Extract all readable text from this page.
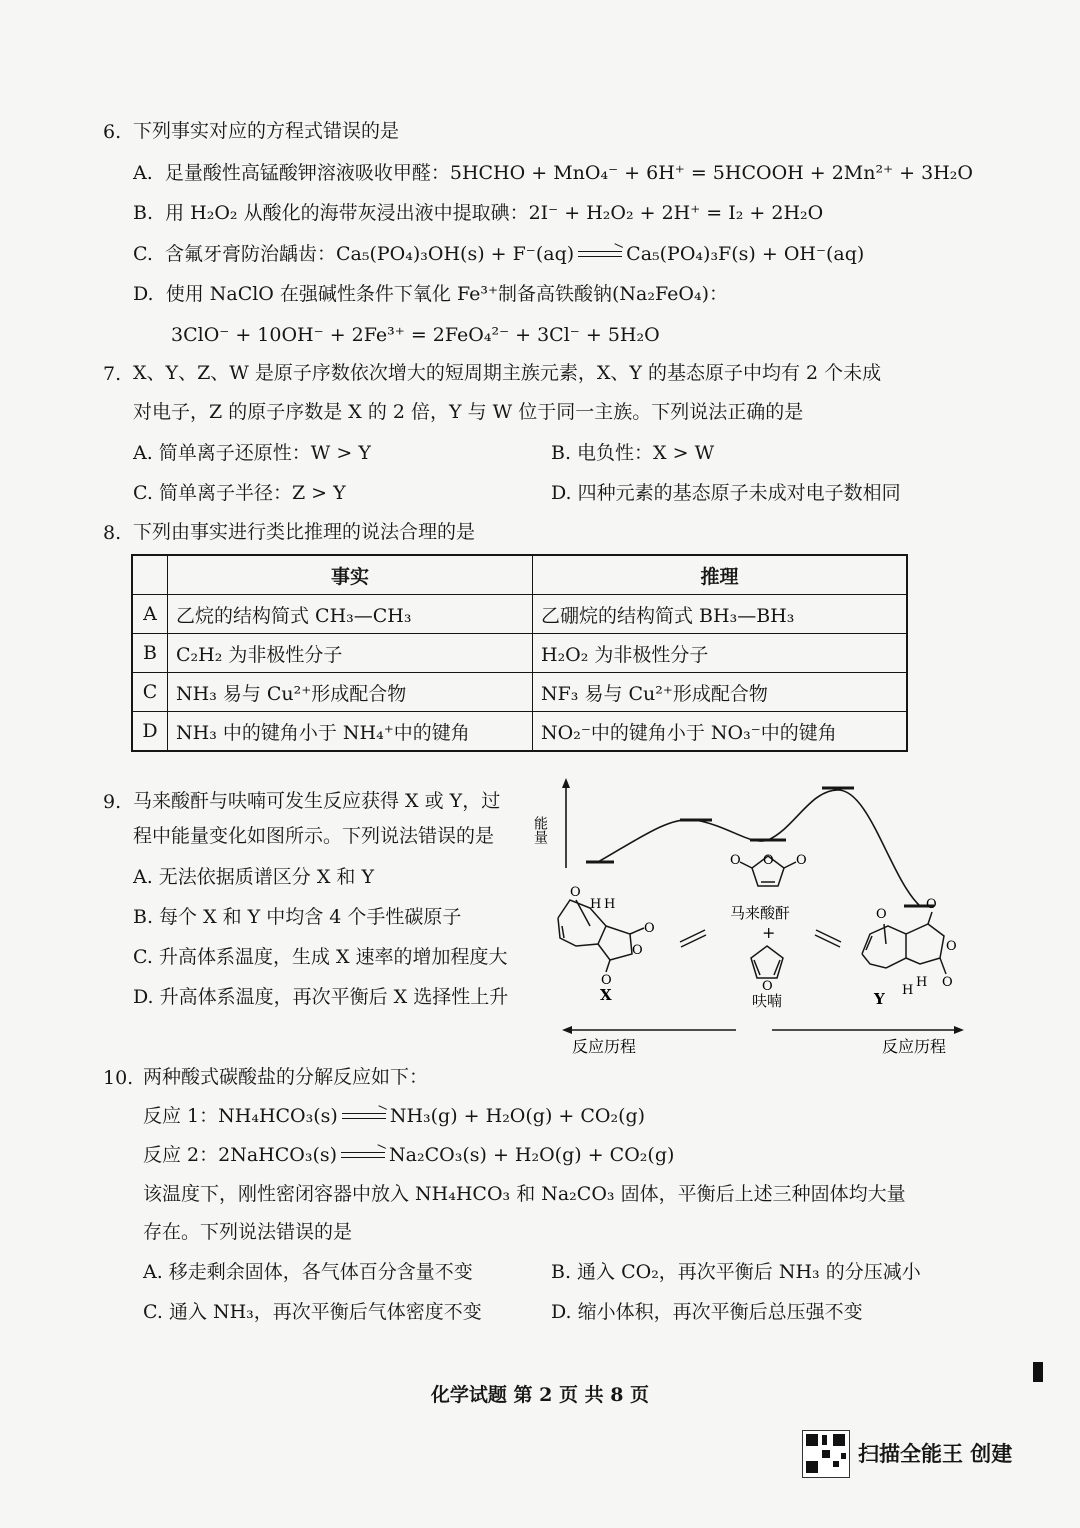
6. 下列事实对应的方程式错误的是
A. 足量酸性高锰酸钾溶液吸收甲醛：5HCHO + MnO₄⁻ + 6H⁺ = 5HCOOH + 2Mn²⁺ + 3H₂O
B. 用 H₂O₂ 从酸化的海带灰浸出液中提取碘：2I⁻ + H₂O₂ + 2H⁺ = I₂ + 2H₂O
C. 含氟牙膏防治龋齿：Ca₅(PO₄)₃OH(s) + F⁻(aq) → Ca₅(PO₄)₃F(s) + OH⁻(aq)
D. 使用 NaClO 在强碱性条件下氧化 Fe³⁺制备高铁酸钠(Na₂FeO₄)：
3ClO⁻ + 10OH⁻ + 2Fe³⁺ = 2FeO₄²⁻ + 3Cl⁻ + 5H₂O
7. X、Y、Z、W 是原子序数依次增大的短周期主族元素，X、Y 的基态原子中均有 2 个未成
对电子，Z 的原子序数是 X 的 2 倍，Y 与 W 位于同一主族。下列说法正确的是
A. 简单离子还原性：W > Y	B. 电负性：X > W
C. 简单离子半径：Z > Y	D. 四种元素的基态原子未成对电子数相同
8. 下列由事实进行类比推理的说法合理的是
	事实	推理
A	乙烷的结构简式 CH₃—CH₃	乙硼烷的结构简式 BH₃—BH₃
B	C₂H₂ 为非极性分子	H₂O₂ 为非极性分子
C	NH₃ 易与 Cu²⁺形成配合物	NF₃ 易与 Cu²⁺形成配合物
D	NH₃ 中的键角小于 NH₄⁺中的键角	NO₂⁻中的键角小于 NO₃⁻中的键角
9. 马来酸酐与呋喃可发生反应获得 X 或 Y，过
程中能量变化如图所示。下列说法错误的是
A. 无法依据质谱区分 X 和 Y
B. 每个 X 和 Y 中均含 4 个手性碳原子
C. 升高体系温度，生成 X 速率的增加程度大
D. 升高体系温度，再次平衡后 X 选择性上升
能量
O
O	O
马来酸酐
+
O
呋喃
O
H H
O
O
O
X
O
O
O
O
H
H
Y
反应历程	反应历程
10. 两种酸式碳酸盐的分解反应如下：
反应 1：NH₄HCO₃(s) → NH₃(g) + H₂O(g) + CO₂(g)
反应 2：2NaHCO₃(s) → Na₂CO₃(s) + H₂O(g) + CO₂(g)
该温度下，刚性密闭容器中放入 NH₄HCO₃ 和 Na₂CO₃ 固体，平衡后上述三种固体均大量
存在。下列说法错误的是
A. 移走剩余固体，各气体百分含量不变	B. 通入 CO₂，再次平衡后 NH₃ 的分压减小
C. 通入 NH₃，再次平衡后气体密度不变	D. 缩小体积，再次平衡后总压强不变
化学试题 第 2 页 共 8 页
扫描全能王 创建
